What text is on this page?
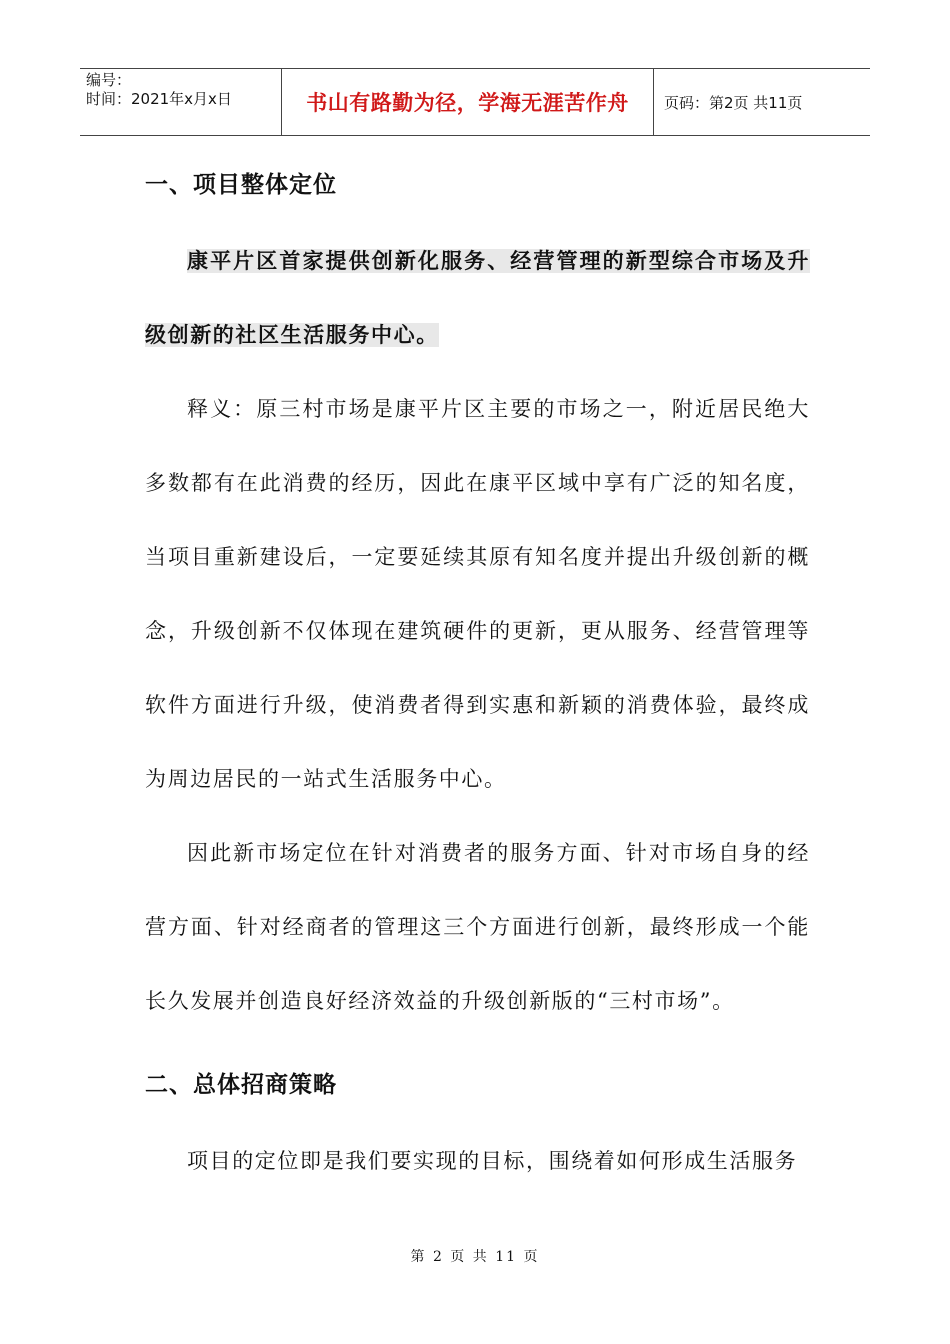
编号：
时间：2021年x月x日	书山有路勤为径，学海无涯苦作舟	页码：第2页 共11页
一、项目整体定位

康平片区首家提供创新化服务、经营管理的新型综合市场及升级创新的社区生活服务中心。

释义：原三村市场是康平片区主要的市场之一，附近居民绝大多数都有在此消费的经历，因此在康平区域中享有广泛的知名度，当项目重新建设后，一定要延续其原有知名度并提出升级创新的概念，升级创新不仅体现在建筑硬件的更新，更从服务、经营管理等软件方面进行升级，使消费者得到实惠和新颖的消费体验，最终成为周边居民的一站式生活服务中心。

因此新市场定位在针对消费者的服务方面、针对市场自身的经营方面、针对经商者的管理这三个方面进行创新，最终形成一个能长久发展并创造良好经济效益的升级创新版的“三村市场”。

二、总体招商策略

项目的定位即是我们要实现的目标，围绕着如何形成生活服务

第 2 页 共 11 页
